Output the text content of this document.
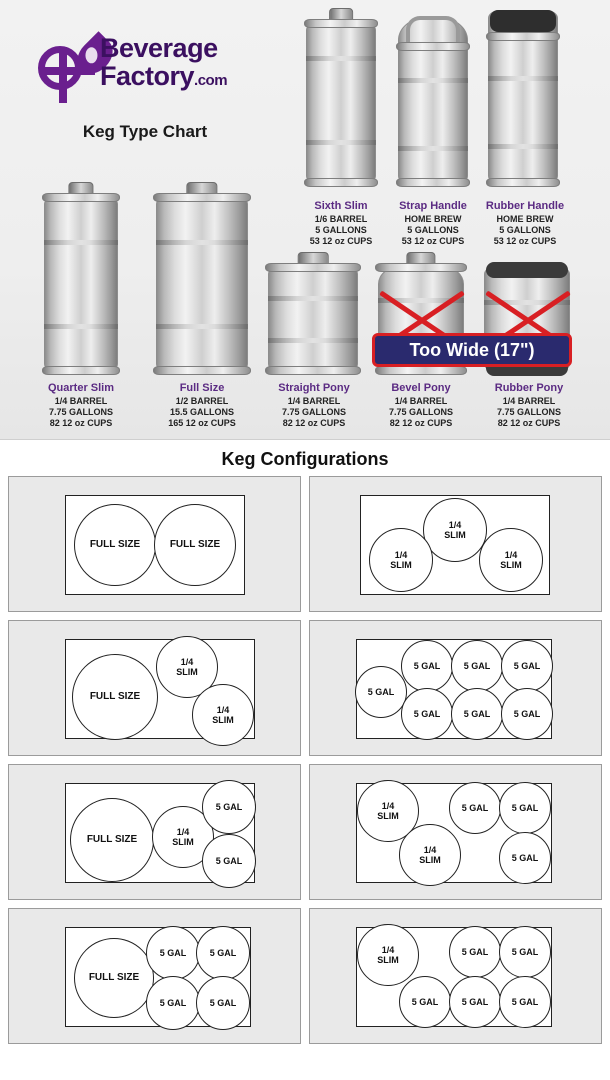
Beverage
Factory.com
Keg Type Chart
Sixth Slim
1/6 BARREL
5 GALLONS
53 12 oz CUPS
Strap Handle
HOME BREW
5 GALLONS
53 12 oz CUPS
Rubber Handle
HOME BREW
5 GALLONS
53 12 oz CUPS
Quarter Slim
1/4 BARREL
7.75 GALLONS
82 12 oz CUPS
Full Size
1/2 BARREL
15.5 GALLONS
165 12 oz CUPS
Straight Pony
1/4 BARREL
7.75 GALLONS
82 12 oz CUPS
Bevel Pony
1/4 BARREL
7.75 GALLONS
82 12 oz CUPS
Rubber Pony
1/4 BARREL
7.75 GALLONS
82 12 oz CUPS
Too Wide (17")
Keg Configurations
FULL SIZE	FULL SIZE
1/4
SLIM
1/4
SLIM
1/4
SLIM
FULL SIZE
1/4
SLIM
1/4
SLIM
5 GAL
5 GAL	5 GAL	5 GAL
5 GAL	5 GAL	5 GAL
FULL SIZE
1/4
SLIM
5 GAL
5 GAL
1/4
SLIM
1/4
SLIM
5 GAL	5 GAL
5 GAL
FULL SIZE
5 GAL	5 GAL
5 GAL	5 GAL
1/4
SLIM
5 GAL	5 GAL
5 GAL	5 GAL	5 GAL
